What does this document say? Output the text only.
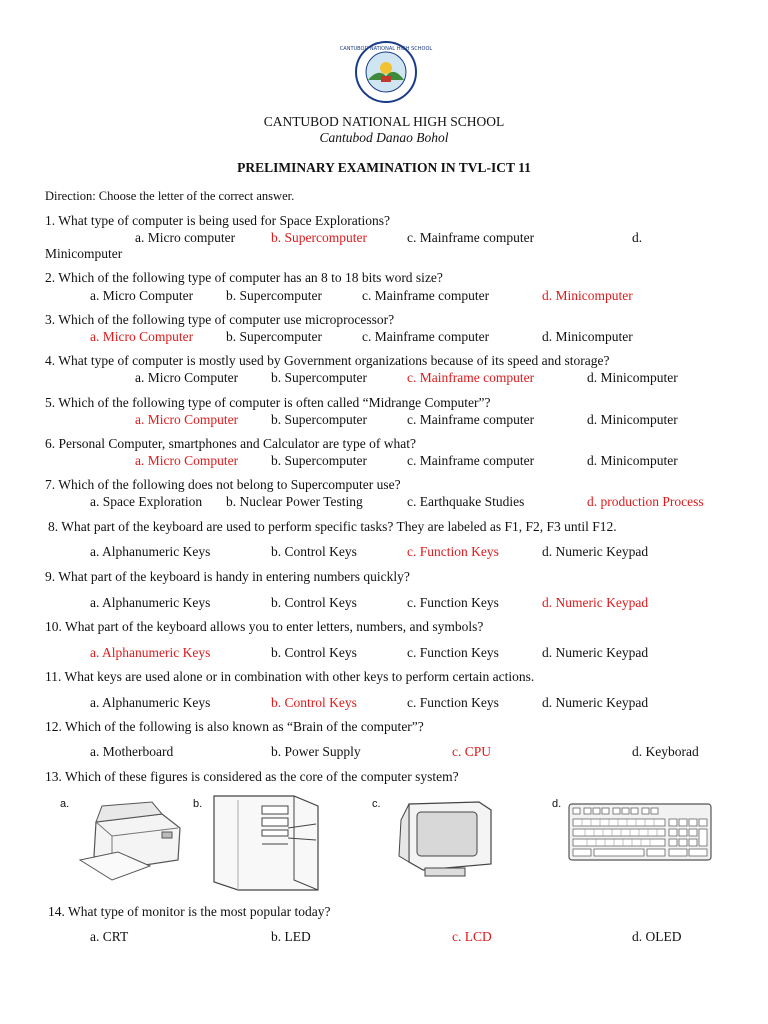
CANTUBOD NATIONAL HIGH SCHOOL
CANTUBOD NATIONAL HIGH SCHOOL
Cantubod Danao Bohol
PRELIMINARY EXAMINATION IN TVL-ICT 11
Direction: Choose the letter of the correct answer.
1. What type of computer is being used for Space Explorations?
a. Micro computer	b. Supercomputer	c. Mainframe computer	d.
Minicomputer
2. Which of the following type of computer has an 8 to 18 bits word size?
a. Micro Computer b. Supercomputer	c. Mainframe computer	d. Minicomputer
3. Which of the following type of computer use microprocessor?
a. Micro Computer b. Supercomputer	c. Mainframe computer	d. Minicomputer
4. What type of computer is mostly used by Government organizations because of its speed and storage?
a. Micro Computer b. Supercomputer	c. Mainframe computer	d. Minicomputer
5. Which of the following type of computer is often called “Midrange Computer”?
a. Micro Computer b. Supercomputer	c. Mainframe computer	d. Minicomputer
6. Personal Computer, smartphones and Calculator are type of what?
a. Micro Computer b. Supercomputer	c. Mainframe computer	d. Minicomputer
7. Which of the following does not belong to Supercomputer use?
a. Space Exploration b. Nuclear Power Testing	c. Earthquake Studies	d. production Process
8. What part of the keyboard are used to perform specific tasks? They are labeled as F1, F2, F3 until F12.
a. Alphanumeric Keys	b. Control Keys	c. Function Keys	d. Numeric Keypad
9. What part of the keyboard is handy in entering numbers quickly?
a. Alphanumeric Keys	b. Control Keys	c. Function Keys	d. Numeric Keypad
10. What part of the keyboard allows you to enter letters, numbers, and symbols?
a. Alphanumeric Keys	b. Control Keys	c. Function Keys	d. Numeric Keypad
11. What keys are used alone or in combination with other keys to perform certain actions.
a. Alphanumeric Keys	b. Control Keys	c. Function Keys	d. Numeric Keypad
12. Which of the following is also known as “Brain of the computer”?
a. Motherboard	b. Power Supply	c. CPU	d. Keyborad
13. Which of these figures is considered as the core of the computer system?
14. What type of monitor is the most popular today?
a. CRT	b. LED	c. LCD	d. OLED
a.	b.	c.	d.
